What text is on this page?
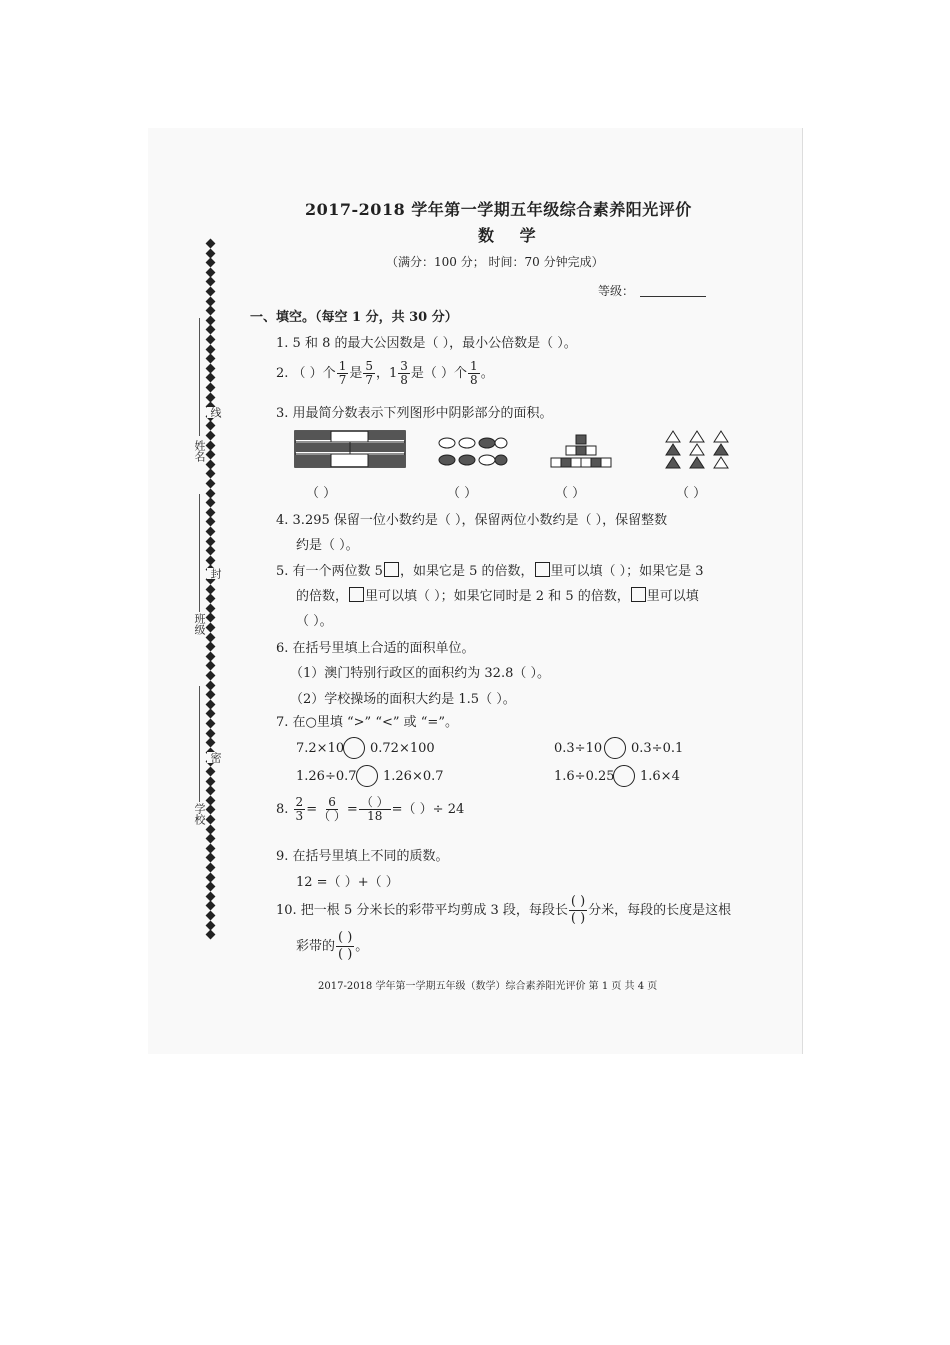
2017-2018 学年第一学期五年级综合素养阳光评价
数 学
（满分：100 分； 时间：70 分钟完成）
等级：
姓名
班级
学校
线
封
密
一、填空。（每空 1 分，共 30 分）
1. 5 和 8 的最大公因数是（ ），最小公倍数是（ ）。
2. （ ）个 $\frac{1}{7}$ 是 $\frac{5}{7}$ ，$1 \frac{3}{8}$ 是（ ）个 $\frac{1}{8}$ 。
3. 用最简分数表示下列图形中阴影部分的面积。
（ ）	（ ）	（ ）	（ ）
4. 3.295 保留一位小数约是（ ），保留两位小数约是（ ），保留整数
约是（ ）。
5. 有一个两位数 5 ，如果它是 5 的倍数， 里可以填（ ）；如果它是 3
的倍数， 里可以填（ ）；如果它同时是 2 和 5 的倍数， 里可以填
（ ）。
6. 在括号里填上合适的面积单位。
（1）澳门特别行政区的面积约为 32.8（ ）。
（2）学校操场的面积大约是 1.5（ ）。
7. 在○里填 “>” “<” 或 “=”。
7.2×10 0.72×100	0.3÷10 0.3÷0.1
1.26÷0.7 1.26×0.7	1.6÷0.25 1.6×4
8. $\frac{2}{3} = \frac{6}{( )} = \frac{( )}{18}$ =（ ）÷ 24
9. 在括号里填上不同的质数。
12 =（ ）+（ ）
10. 把一根 5 分米长的彩带平均剪成 3 段，每段长 $\frac{( )}{( )}$ 分米，每段的长度是这根
彩带的 $\frac{( )}{( )}$ 。
2017-2018 学年第一学期五年级（数学）综合素养阳光评价 第 1 页 共 4 页
